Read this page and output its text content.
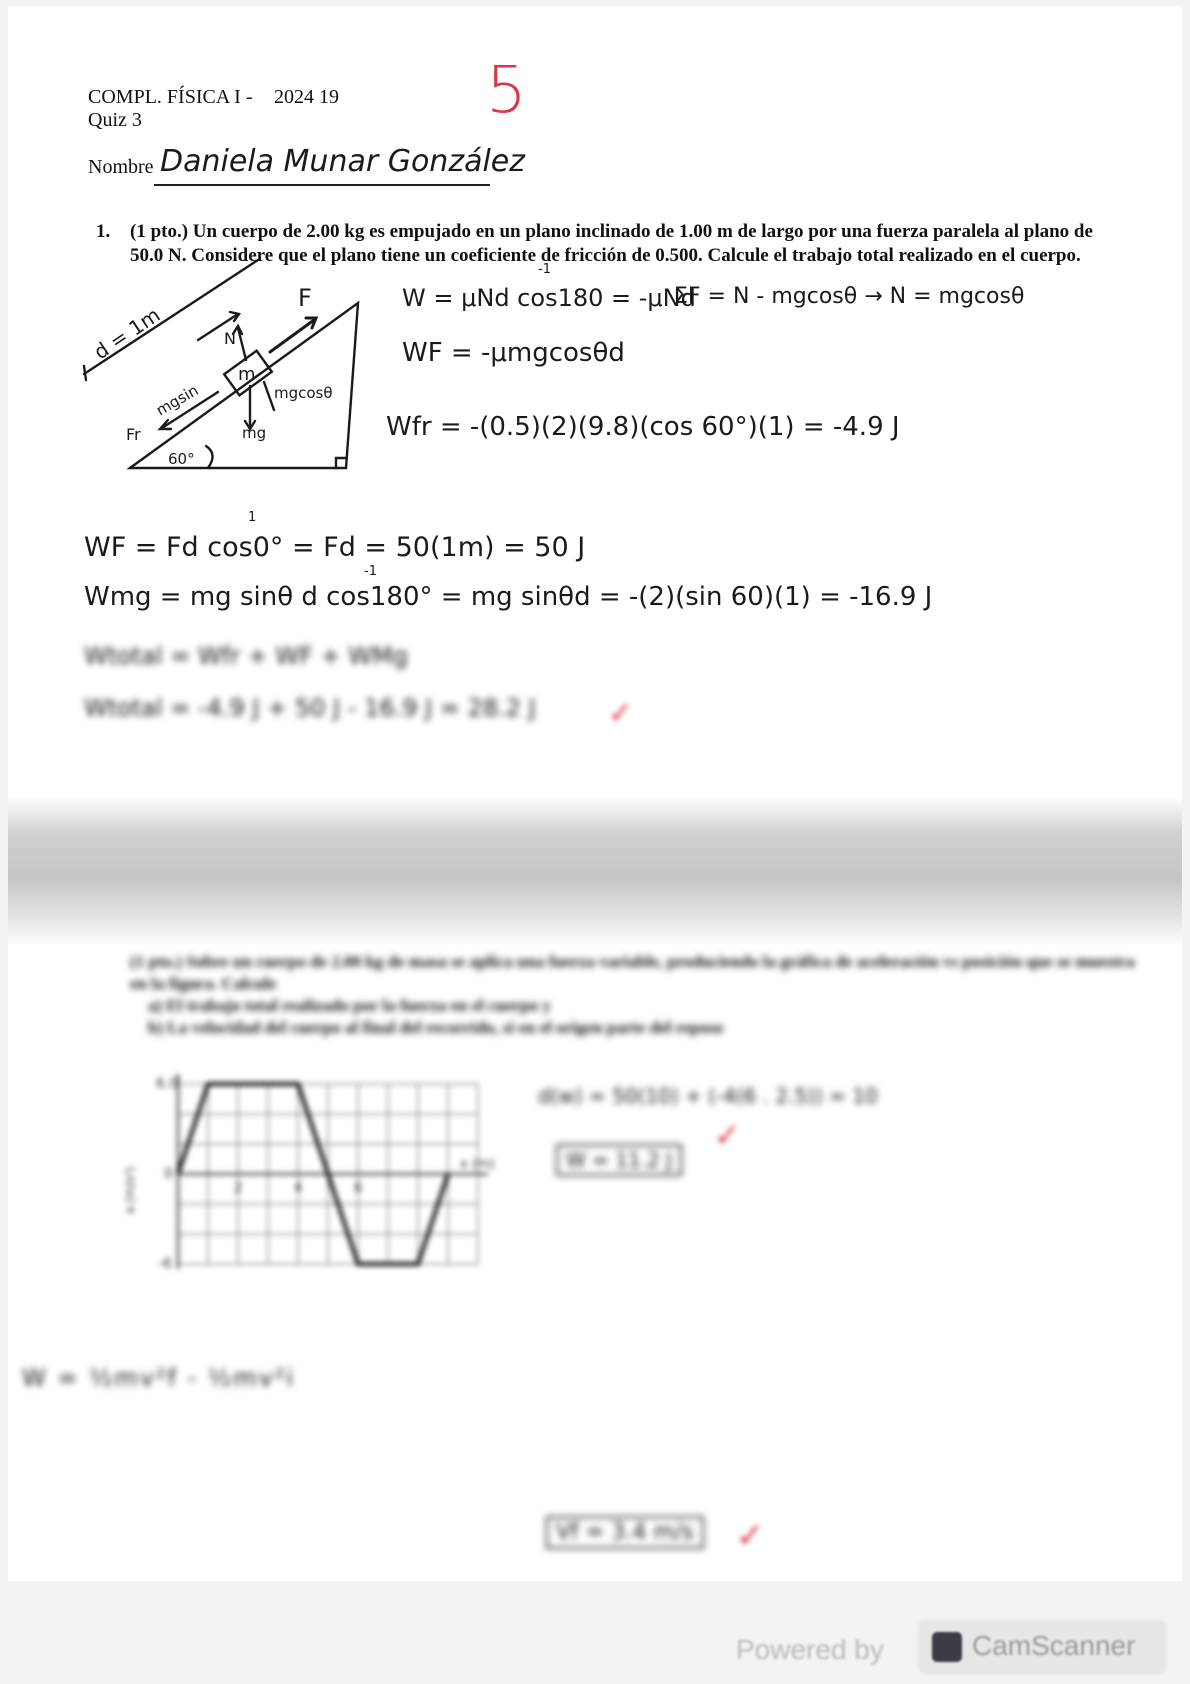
COMPL. FÍSICA I - 2024 19
Quiz 3	5
Nombre Daniela Munar González
1. (1 pto.) Un cuerpo de 2.00 kg es empujado en un plano inclinado de 1.00 m de largo por una fuerza paralela al plano de 50.0 N. Considere que el plano tiene un coeficiente de fricción de 0.500. Calcule el trabajo total realizado en el cuerpo.
d = 1m
F
N
m
mgsin	mgcosθ
mg
Fr
60°
W = μNd cos180 = -μNd
ΣF = N - mgcosθ → N = mgcosθ
-1
WF = -μmgcosθd
Wfr = -(0.5)(2)(9.8)(cos 60°)(1) = -4.9 J
1
WF = Fd cos0° = Fd = 50(1m) = 50 J
-1
Wmg = mg sinθ d cos180° = mg sinθd = -(2)(sin 60)(1) = -16.9 J
Wtotal = Wfr + WF + WMg
Wtotal = -4.9 J + 50 J - 16.9 J = 28.2 J ✓
(1 pto.) Sobre un cuerpo de 2.00 kg de masa se aplica una fuerza variable, produciendo la gráfica de aceleración vs posición que se muestra en la figura. Calcule
a) El trabajo total realizado por la fuerza en el cuerpo y
b) La velocidad del cuerpo al final del recorrido, si en el origen parte del reposo
6.0
0
-6
2	4	6
x (m)
a (m/s²)
d(w) = 50(10) + (-4(6 . 2.5)) = 10
W = 11.2 J
✓
W = ½mv²f - ½mv²i
Vf = 3.4 m/s ✓
Powered by	CamScanner
